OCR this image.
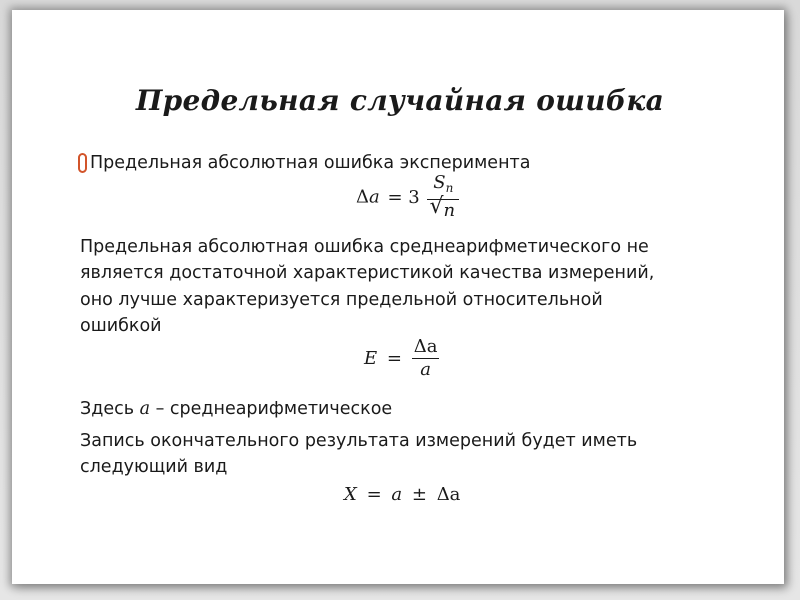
Предельная случайная ошибка
Предельная абсолютная ошибка эксперимента
$\Delta a = 3 \frac{S_n}{√ n}$
Предельная абсолютная ошибка среднеарифметического не
является достаточной характеристикой качества измерений,
оно лучше характеризуется предельной относительной
ошибкой
$E = \frac{\Delta a}{a}$
Здесь a – среднеарифметическое
Запись окончательного результата измерений будет иметь
следующий вид
X = a ± Δa
